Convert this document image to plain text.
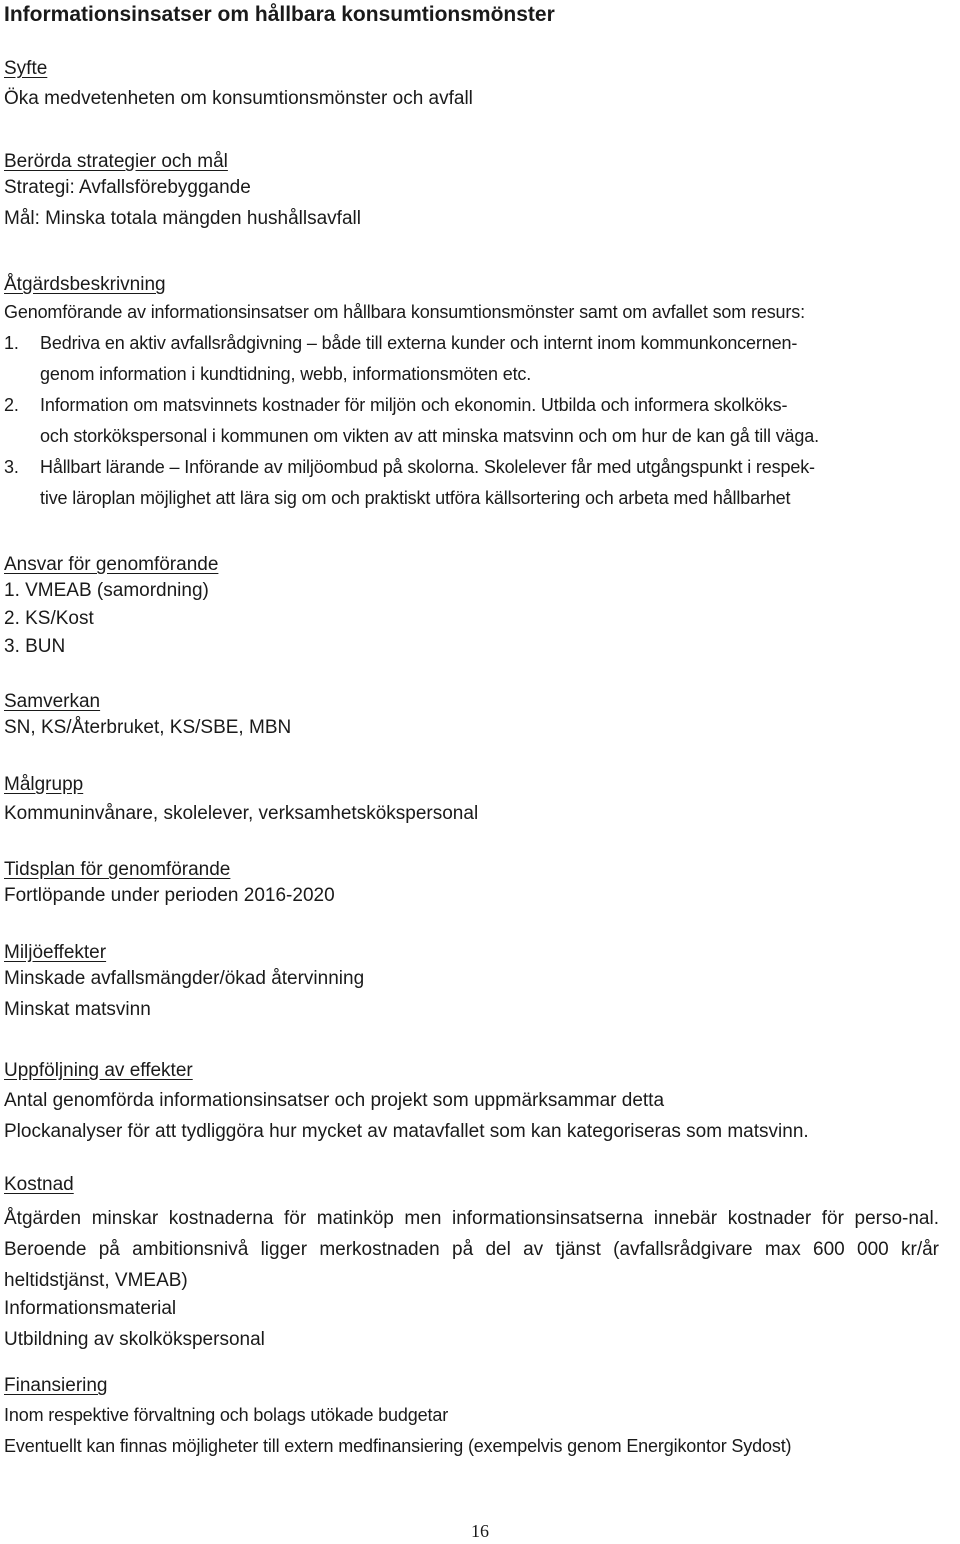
Informationsinsatser om hållbara konsumtionsmönster
Syfte
Öka medvetenheten om konsumtionsmönster och avfall
Berörda strategier och mål
Strategi: Avfallsförebyggande
Mål: Minska totala mängden hushållsavfall
Åtgärdsbeskrivning
Genomförande av informationsinsatser om hållbara konsumtionsmönster samt om avfallet som resurs:
1. Bedriva en aktiv avfallsrådgivning – både till externa kunder och internt inom kommunkoncernen-
genom information i kundtidning, webb, informationsmöten etc.
2. Information om matsvinnets kostnader för miljön och ekonomin. Utbilda och informera skolköks-
och storkökspersonal i kommunen om vikten av att minska matsvinn och om hur de kan gå till väga.
3. Hållbart lärande – Införande av miljöombud på skolorna. Skolelever får med utgångspunkt i respek-
tive läroplan möjlighet att lära sig om och praktiskt utföra källsortering och arbeta med hållbarhet
Ansvar för genomförande
1. VMEAB (samordning)
2. KS/Kost
3. BUN
Samverkan
SN, KS/Återbruket, KS/SBE, MBN
Målgrupp
Kommuninvånare, skolelever, verksamhetskökspersonal
Tidsplan för genomförande
Fortlöpande under perioden 2016-2020
Miljöeffekter
Minskade avfallsmängder/ökad återvinning
Minskat matsvinn
Uppföljning av effekter
Antal genomförda informationsinsatser och projekt som uppmärksammar detta
Plockanalyser för att tydliggöra hur mycket av matavfallet som kan kategoriseras som matsvinn.
Kostnad

Åtgärden minskar kostnaderna för matinköp men informationsinsatserna innebär kostnader för perso-nal. Beroende på ambitionsnivå ligger merkostnaden på del av tjänst (avfallsrådgivare max 600 000 kr/år heltidstjänst, VMEAB)

Informationsmaterial
Utbildning av skolkökspersonal
Finansiering
Inom respektive förvaltning och bolags utökade budgetar
Eventuellt kan finnas möjligheter till extern medfinansiering (exempelvis genom Energikontor Sydost)
16
